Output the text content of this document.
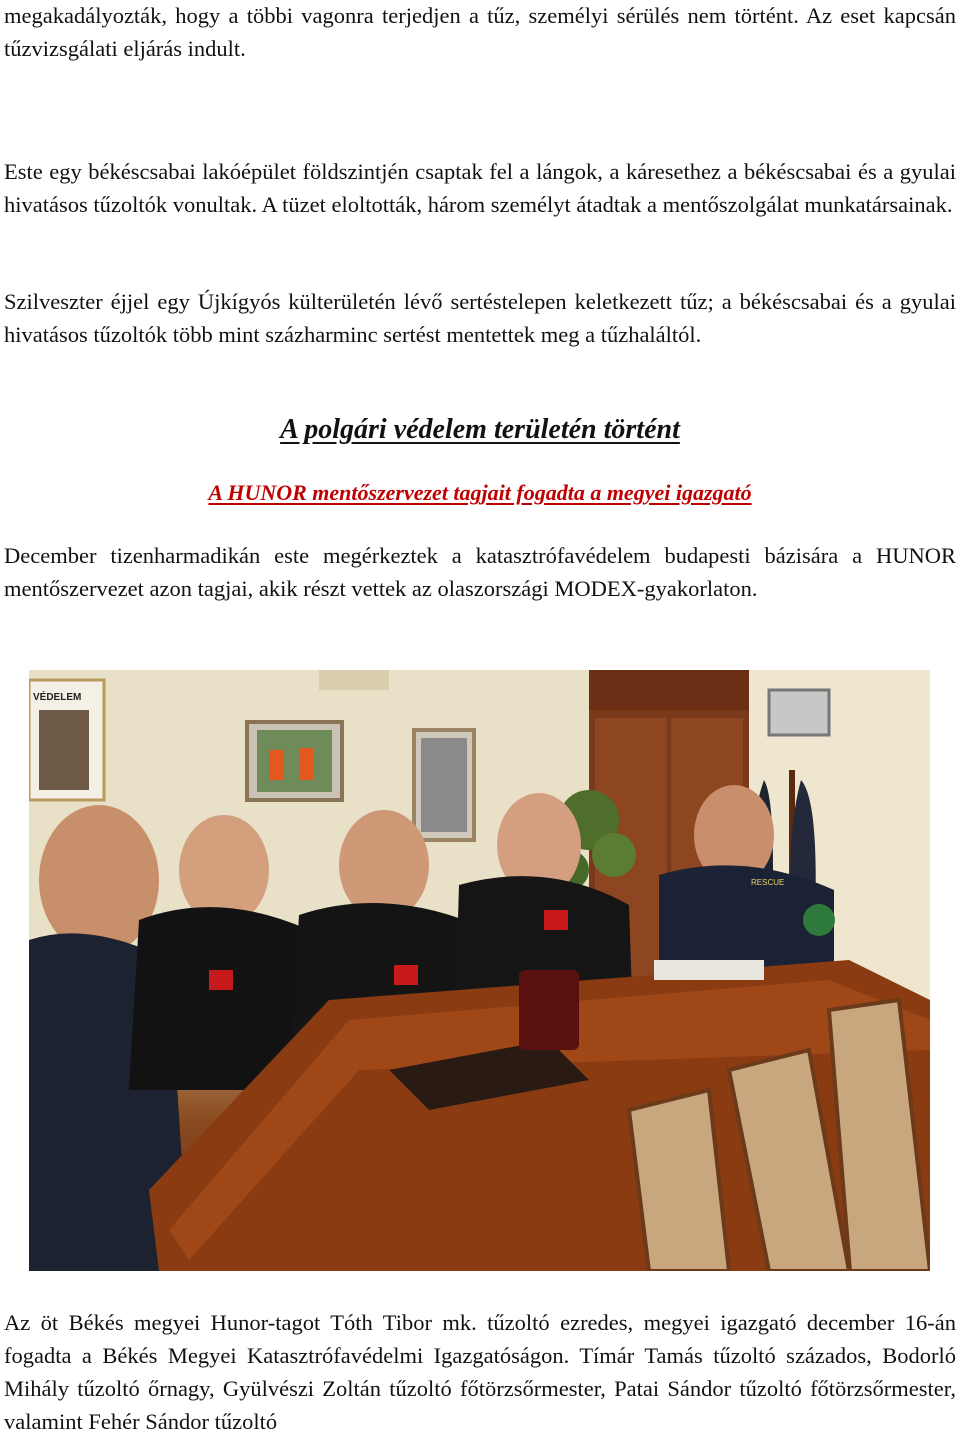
megakadályozták, hogy a többi vagonra terjedjen a tűz, személyi sérülés nem történt. Az eset kapcsán tűzvizsgálati eljárás indult.

Este egy békéscsabai lakóépület földszintjén csaptak fel a lángok, a káresethez a békéscsabai és a gyulai hivatásos tűzoltók vonultak. A tüzet eloltották, három személyt átadtak a mentőszolgálat munkatársainak.

Szilveszter éjjel egy Újkígyós külterületén lévő sertéstelepen keletkezett tűz; a békéscsabai és a gyulai hivatásos tűzoltók több mint százharminc sertést mentettek meg a tűzhaláltól.

A polgári védelem területén történt
A HUNOR mentőszervezet tagjait fogadta a megyei igazgató

December tizenharmadikán este megérkeztek a katasztrófavédelem budapesti bázisára a HUNOR mentőszervezet azon tagjai, akik részt vettek az olaszországi MODEX-gyakorlaton.

VÉDELEM
RESCUE

Az öt Békés megyei Hunor-tagot Tóth Tibor mk. tűzoltó ezredes, megyei igazgató december 16-án fogadta a Békés Megyei Katasztrófavédelmi Igazgatóságon. Tímár Tamás tűzoltó százados, Bodorló Mihály tűzoltó őrnagy, Gyülvészi Zoltán tűzoltó főtörzsőrmester, Patai Sándor tűzoltó főtörzsőrmester, valamint Fehér Sándor tűzoltó
